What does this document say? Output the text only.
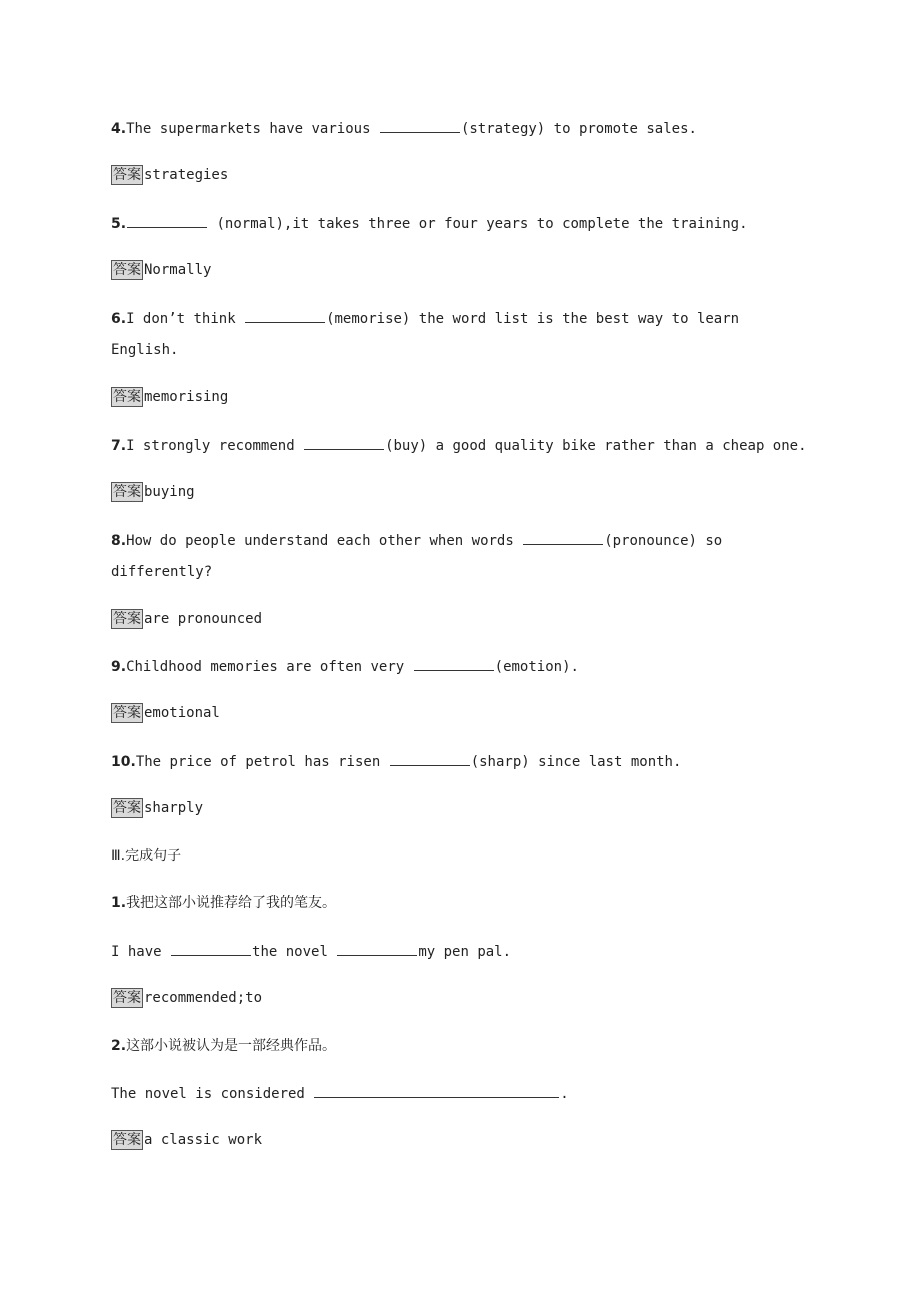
4.The supermarkets have various	(strategy) to promote sales.
答案 strategies
5.	(normal),it takes three or four years to complete the training.
答案 Normally
6.I don’t think	(memorise) the word list is the best way to learn
English.
答案 memorising
7.I strongly recommend	(buy) a good quality bike rather than a cheap one.
答案 buying
8.How do people understand each other when words	(pronounce) so
differently?
答案 are pronounced
9.Childhood memories are often very	(emotion).
答案 emotional
10.The price of petrol has risen	(sharp) since last month.
答案 sharply
Ⅲ.完成句子
1.我把这部小说推荐给了我的笔友。
I have	the novel	my pen pal.
答案 recommended;to
2.这部小说被认为是一部经典作品。
The novel is considered	.
答案 a classic work
